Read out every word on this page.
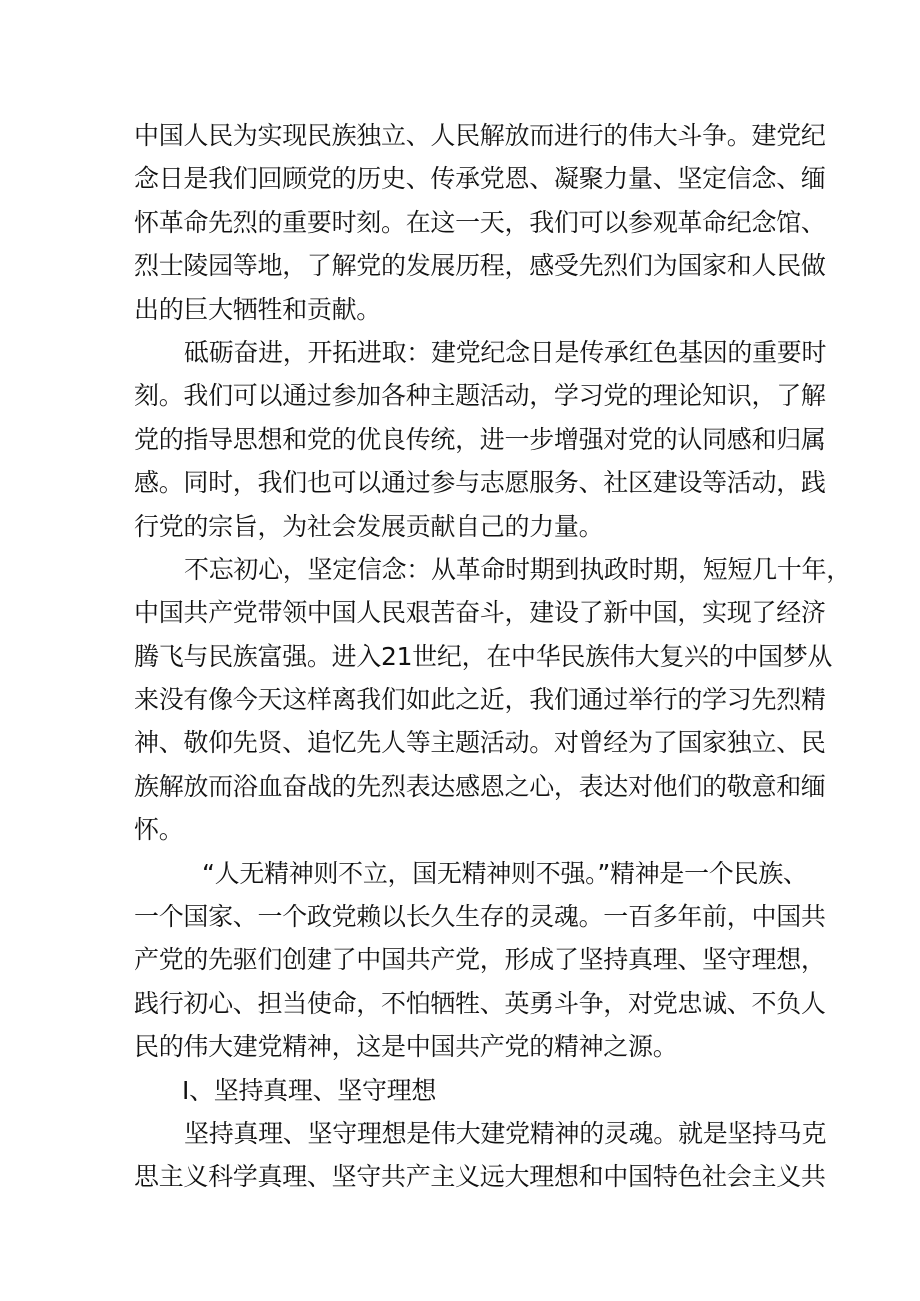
中国人民为实现民族独立、人民解放而进行的伟大斗争。建党纪
念日是我们回顾党的历史、传承党恩、凝聚力量、坚定信念、缅
怀革命先烈的重要时刻。在这一天，我们可以参观革命纪念馆、
烈士陵园等地，了解党的发展历程，感受先烈们为国家和人民做
出的巨大牺牲和贡献。
砥砺奋进，开拓进取：建党纪念日是传承红色基因的重要时
刻。我们可以通过参加各种主题活动，学习党的理论知识，了解
党的指导思想和党的优良传统，进一步增强对党的认同感和归属
感。同时，我们也可以通过参与志愿服务、社区建设等活动，践
行党的宗旨，为社会发展贡献自己的力量。
不忘初心，坚定信念：从革命时期到执政时期，短短几十年，
中国共产党带领中国人民艰苦奋斗，建设了新中国，实现了经济
腾飞与民族富强。进入21世纪，在中华民族伟大复兴的中国梦从
来没有像今天这样离我们如此之近，我们通过举行的学习先烈精
神、敬仰先贤、追忆先人等主题活动。对曾经为了国家独立、民
族解放而浴血奋战的先烈表达感恩之心，表达对他们的敬意和缅
怀。
“人无精神则不立，国无精神则不强。”精神是一个民族、
一个国家、一个政党赖以长久生存的灵魂。一百多年前，中国共
产党的先驱们创建了中国共产党，形成了坚持真理、坚守理想，
践行初心、担当使命，不怕牺牲、英勇斗争，对党忠诚、不负人
民的伟大建党精神，这是中国共产党的精神之源。
I、坚持真理、坚守理想
坚持真理、坚守理想是伟大建党精神的灵魂。就是坚持马克
思主义科学真理、坚守共产主义远大理想和中国特色社会主义共
